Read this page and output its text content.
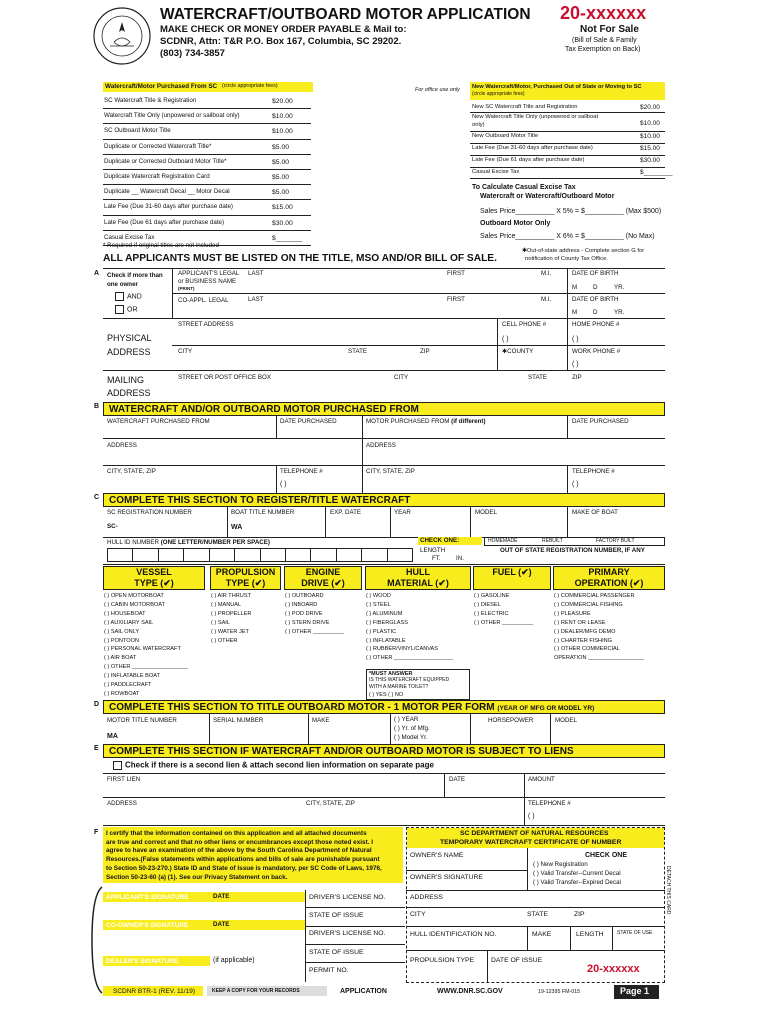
WATERCRAFT/OUTBOARD MOTOR APPLICATION 20-xxxxxx
MAKE CHECK OR MONEY ORDER PAYABLE & Mail to:
SCDNR, Attn: T&R P.O. Box 167, Columbia, SC 29202.
(803) 734-3857
Not For Sale
(Bill of Sale & Family
Tax Exemption on Back)
Watercraft/Motor Purchased From SC (circle appropriate fees)
For office use only
SC Watercraft Title & Registration	$20.00
Watercraft Title Only (unpowered or sailboat only)	$10.00
SC Outboard Motor Title	$10.00
Duplicate or Corrected Watercraft Title*	$5.00
Duplicate or Corrected Outboard Motor Title*	$5.00
Duplicate Watercraft Registration Card	$5.00
Duplicate __ Watercraft Decal __ Motor Decal	$5.00
Late Fee (Due 31-60 days after purchase date)	$15.00
Late Fee (Due 61 days after purchase date)	$30.00
Casual Excise Tax	$_______
* Required if original titles are not included
New Watercraft/Motor, Purchased Out of State or Moving to SC
(circle appropriate fees)
New SC Watercraft Title and Registration	$20.00
New Watercraft Title Only (unpowered or sailboat
only)	$10.00
New Outboard Motor Title	$10.00
Late Fee (Due 31-60 days after purchase date)	$15.00
Late Fee (Due 61 days after purchase date)	$30.00
Casual Excise Tax	$________
To Calculate Casual Excise Tax
Watercraft or Watercraft/Outboard Motor
Sales Price__________ X 5% = $__________ (Max $500)
Outboard Motor Only
Sales Price__________ X 6% = $__________ (No Max)
✱Out-of-state address - Complete section G for
notification of County Tax Office.
ALL APPLICANTS MUST BE LISTED ON THE TITLE, MSO AND/OR BILL OF SALE.
A Check if more than
one owner
AND
OR
APPLICANT'S LEGAL
or BUSINESS NAME
(PRINT)
LAST	FIRST	M.I.	DATE OF BIRTH
M	D	YR.
CO-APPL. LEGAL	LAST	FIRST	M.I.	DATE OF BIRTH
M	D	YR.
STREET ADDRESS	CELL PHONE #	HOME PHONE #
PHYSICAL
ADDRESS
( )	( )
CITY	STATE	ZIP	✱COUNTY	WORK PHONE #
( )
MAILING
ADDRESS
STREET OR POST OFFICE BOX	CITY	STATE	ZIP
B WATERCRAFT AND/OR OUTBOARD MOTOR PURCHASED FROM
WATERCRAFT PURCHASED FROM	DATE PURCHASED	MOTOR PURCHASED FROM (if different)	DATE PURCHASED
ADDRESS	ADDRESS
CITY, STATE, ZIP	TELEPHONE #
( )
CITY, STATE, ZIP	TELEPHONE #
( )
C COMPLETE THIS SECTION TO REGISTER/TITLE WATERCRAFT
SC REGISTRATION NUMBER	BOAT TITLE NUMBER	EXP. DATE	YEAR	MODEL	MAKE OF BOAT
SC-	WA
HULL ID NUMBER (ONE LETTER/NUMBER PER SPACE)	CHECK ONE:	HOMEMADE	REBUILT	FACTORY BUILT
LENGTH	OUT OF STATE REGISTRATION NUMBER, IF ANY
FT. IN.
VESSEL
TYPE (✔)
PROPULSION
TYPE (✔)
ENGINE
DRIVE (✔)
HULL
MATERIAL (✔)
FUEL (✔)	PRIMARY
OPERATION (✔)
( ) OPEN MOTORBOAT
( ) CABIN MOTORBOAT
( ) HOUSEBOAT
( ) AUXILIARY SAIL
( ) SAIL ONLY
( ) PONTOON
( ) PERSONAL WATERCRAFT
( ) AIR BOAT
( ) OTHER __________________
( ) INFLATABLE BOAT
( ) PADDLECRAFT
( ) ROWBOAT
( ) AIR THRUST
( ) MANUAL
( ) PROPELLER
( ) SAIL
( ) WATER JET
( ) OTHER
( ) OUTBOARD
( ) INBOARD
( ) POD DRIVE
( ) STERN DRIVE
( ) OTHER __________
( ) WOOD
( ) STEEL
( ) ALUMINUM
( ) FIBERGLASS
( ) PLASTIC
( ) INFLATABLE
( ) RUBBER/VINYL/CANVAS
( ) OTHER ___________________
( ) GASOLINE
( ) DIESEL
( ) ELECTRIC
( ) OTHER __________
( ) COMMERCIAL PASSENGER
( ) COMMERCIAL FISHING
( ) PLEASURE
( ) RENT OR LEASE
( ) DEALER/MFG DEMO
( ) CHARTER FISHING
( ) OTHER COMMERCIAL
OPERATION __________________
*MUST ANSWER
IS THIS WATERCRAFT EQUIPPED
WITH A MARINE TOILET?
( ) YES ( ) NO
D COMPLETE THIS SECTION TO TITLE OUTBOARD MOTOR - 1 MOTOR PER FORM (YEAR OF MFG OR MODEL YR)
MOTOR TITLE NUMBER	SERIAL NUMBER	MAKE	( ) YEAR
( ) Yr. of Mfg.
( ) Model Yr.
HORSEPOWER	MODEL
MA
E	COMPLETE THIS SECTION IF WATERCRAFT AND/OR OUTBOARD MOTOR IS SUBJECT TO LIENS
Check if there is a second lien & attach second lien information on separate page
FIRST LIEN	DATE	AMOUNT
ADDRESS	CITY, STATE, ZIP	TELEPHONE #
( )
F I certify that the information contained on this application and all attached documents
are true and correct and that no other liens or encumbrances except those noted exist. I
agree to have an examination of the above by the South Carolina Department of Natural
Resources.(False statements within applications and bills of sale are punishable pursuant
to Section 50-23-270.) State ID and State of Issue is mandatory, per SC Code of Laws, 1976,
Section 50-23-60 (a) (1). See our Privacy Statement on back.
APPLICANT'S SIGNATURE	DATE
CO-OWNER'S SIGNATURE	DATE
DEALER'S SIGNATURE	(if applicable)
DRIVER'S LICENSE NO.
STATE OF ISSUE
DRIVER'S LICENSE NO.
STATE OF ISSUE
PERMIT NO.
SC DEPARTMENT OF NATURAL RESOURCES
TEMPORARY WATERCRAFT CERTIFICATE OF NUMBER
OWNER'S NAME	CHECK ONE
( ) New Registration
( ) Valid Transfer--Current Decal
( ) Valid Transfer--Expired Decal
OWNER'S SIGNATURE
ADDRESS
CITY	STATE	ZIP
HULL IDENTIFICATION NO.	MAKE	LENGTH	STATE OF USE
PROPULSION TYPE DATE OF ISSUE
20-xxxxxx
DETACH THIS CARD
SCDNR BTR-1 (REV. 11/19)	KEEP A COPY FOR YOUR RECORDS	APPLICATION	WWW.DNR.SC.GOV	19-12395 FM-015	Page 1
